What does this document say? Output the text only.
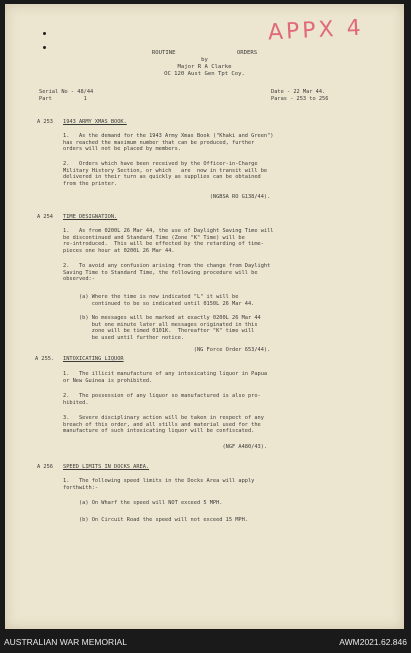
APPX 4
ROUTINE	ORDERS
by
Major R A Clarke
OC 120 Aust Gen Tpt Coy.
Serial No - 48/44
Part          1
Date - 22 Mar 44.
Paras - 253 to 256
A 253 1943 ARMY XMAS BOOK.
1.   As the demand for the 1943 Army Xmas Book ("Khaki and Green")
has reached the maximum number that can be produced, further
orders will not be placed by members.
2.   Orders which have been received by the Officer-in-Charge
Military History Section, or which   are  now in transit will be
delivered in their turn as quickly as supplies can be obtained
from the printer.
(NGBSA RO G138/44).
A 254 TIME DESIGNATION.
1.   As from 0200L 26 Mar 44, the use of Daylight Saving Time will
be discontinued and Standard Time (Zone "K" Time) will be
re-introduced.  This will be effected by the retarding of time-
pieces one hour at 0200L 26 Mar 44.
2.   To avoid any confusion arising from the change from Daylight
Saving Time to Standard Time, the following procedure will be
observed:-
(a) Where the time is now indicated "L" it will be
continued to be so indicated until 0150L 26 Mar 44.
(b) No messages will be marked at exactly 0200L 26 Mar 44
but one minute later all messages originated in this
zone will be timed 0101K.  Thereafter "K" time will
be used until further notice.
(NG Force Order 653/44).
A 255. INTOXICATING LIQUOR
1.   The illicit manufacture of any intoxicating liquor in Papua
or New Guinea is prohibited.
2.   The possession of any liquor so manufactured is also pro-
hibited.
3.   Severe disciplinary action will be taken in respect of any
breach of this order, and all stills and material used for the
manufacture of such intoxicating liquor will be confiscated.
(NGF A480/43).
A 256 SPEED LIMITS IN DOCKS AREA.
1.   The following speed limits in the Docks Area will apply
forthwith:-
(a) On Wharf the speed will NOT exceed 5 MPH.
(b) On Circuit Road the speed will not exceed 15 MPH.
AUSTRALIAN WAR MEMORIAL	AWM2021.62.846
